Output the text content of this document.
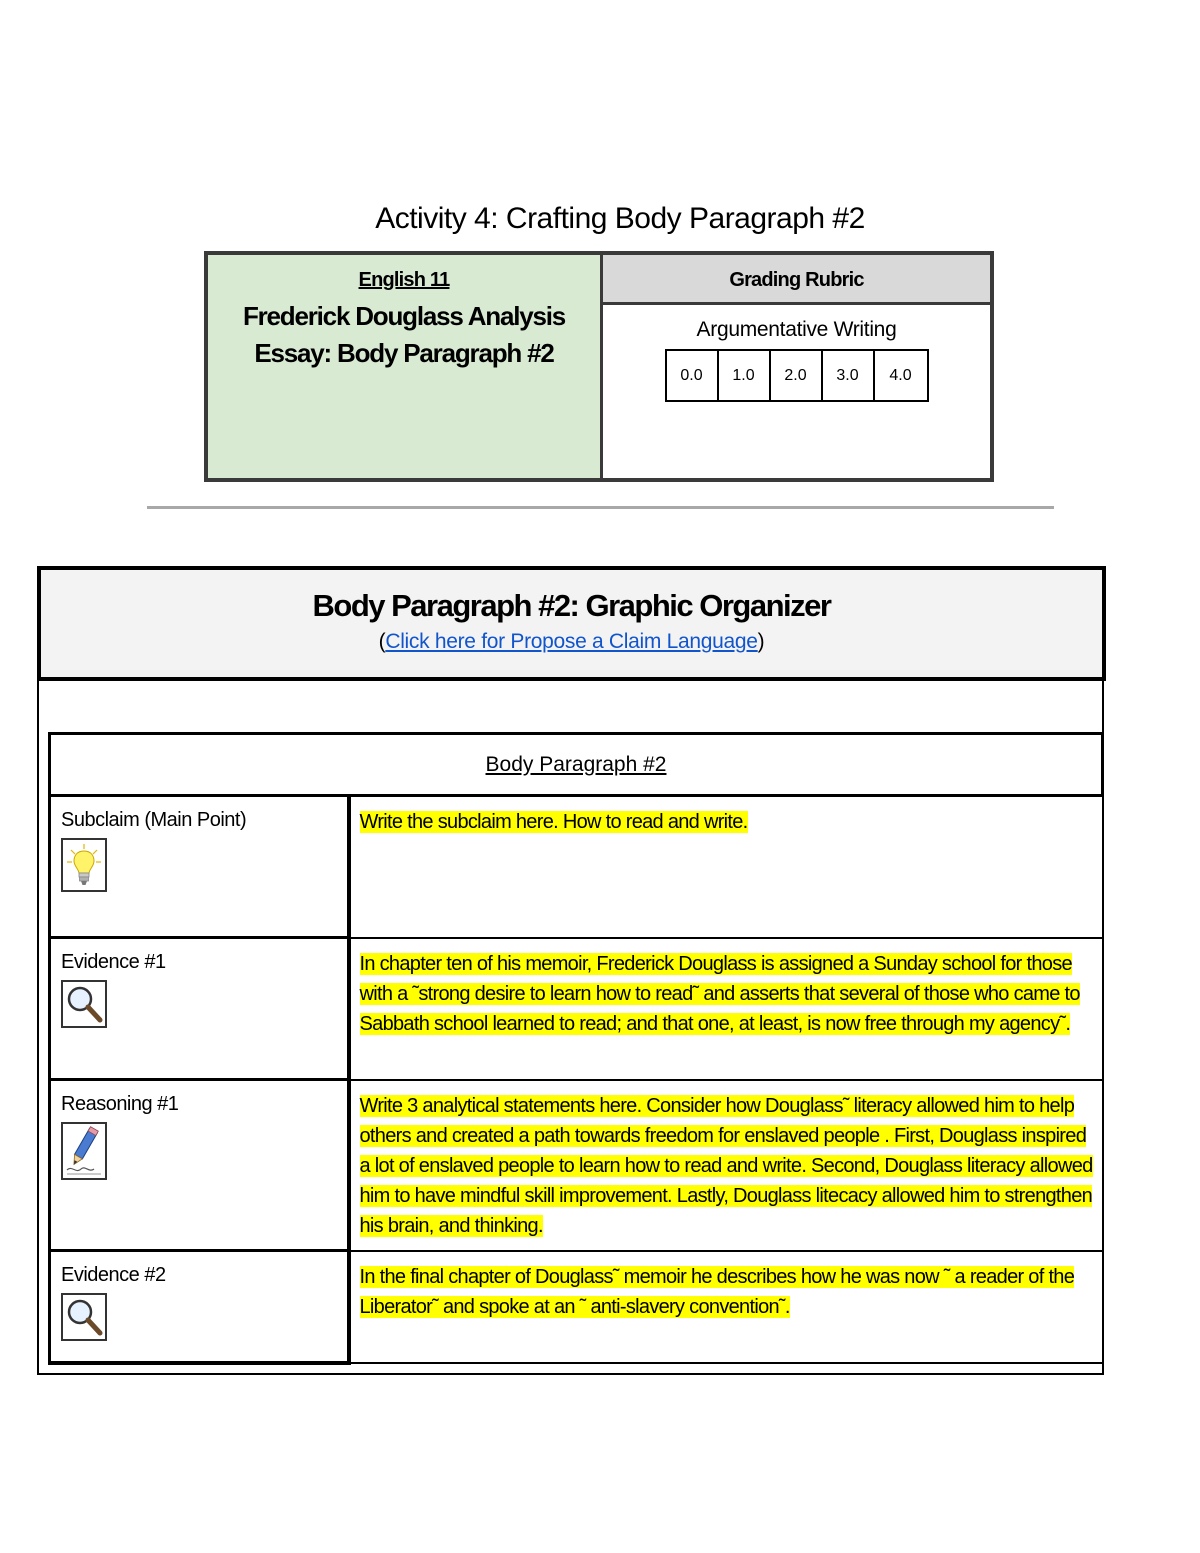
Activity 4: Crafting Body Paragraph #2
English 11
Frederick Douglass Analysis
Essay: Body Paragraph #2
Grading Rubric
Argumentative Writing
0.0	1.0	2.0	3.0	4.0
Body Paragraph #2: Graphic Organizer
(Click here for Propose a Claim Language)
Body Paragraph #2	

Subclaim (Main Point)	Write the subclaim here. How to read and write.

Evidence #1	In chapter ten of his memoir, Frederick Douglass is assigned a Sunday school for those with a ˜strong desire to learn how to read˜ and asserts that several of those who came to Sabbath school learned to read; and that one, at least, is now free through my agency˜.

Reasoning #1	Write 3 analytical statements here. Consider how Douglass˜ literacy allowed him to help others and created a path towards freedom for enslaved people . First, Douglass inspired a lot of enslaved people to learn how to read and write. Second, Douglass literacy allowed him to have mindful skill improvement. Lastly, Douglass litecacy allowed him to strengthen his brain, and thinking.

Evidence #2	In the final chapter of Douglass˜ memoir he describes how he was now ˜ a reader of the Liberator˜ and spoke at an ˜ anti-slavery convention˜.
